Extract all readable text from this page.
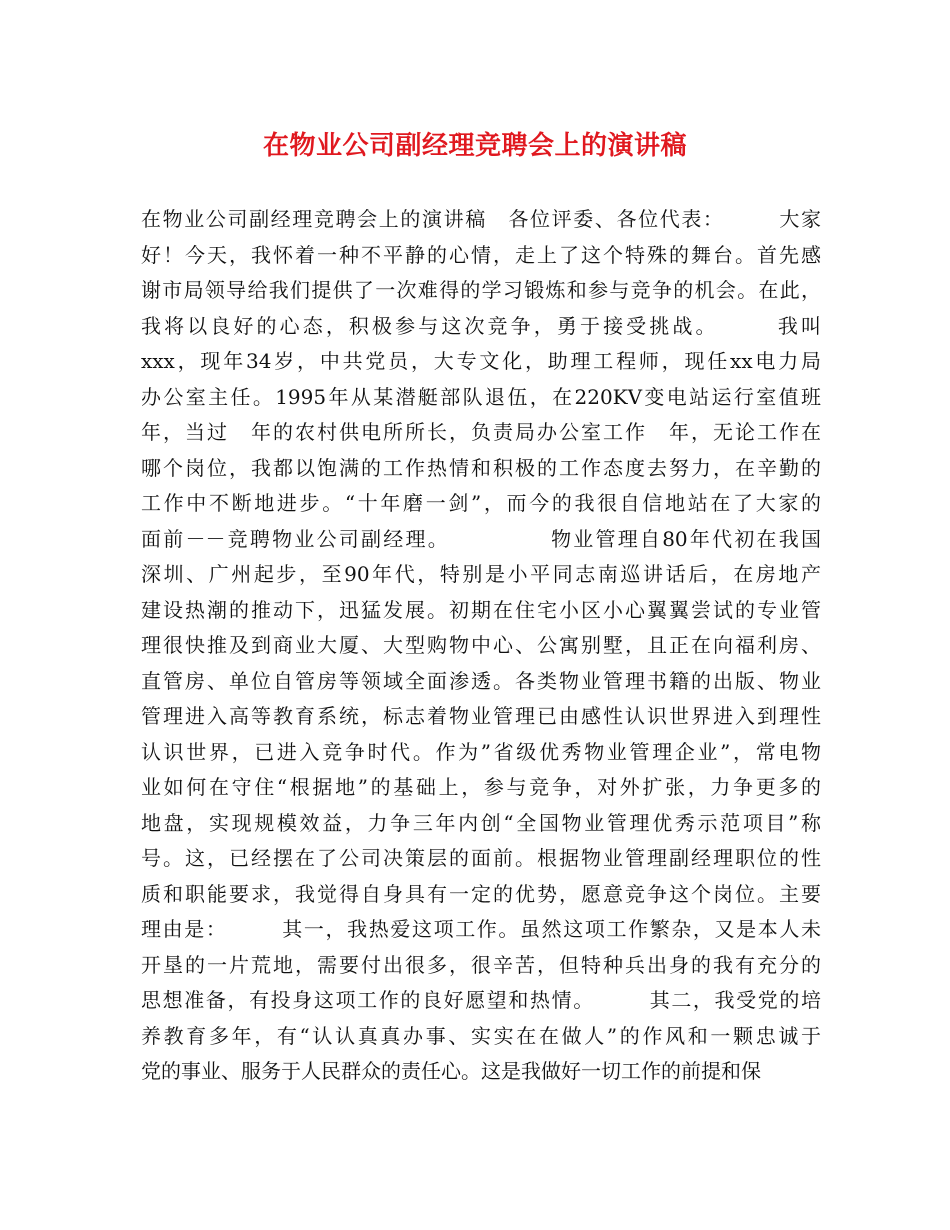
在物业公司副经理竞聘会上的演讲稿
在物业公司副经理竞聘会上的演讲稿　各位评委、各位代表：　　　大家
好！今天，我怀着一种不平静的心情，走上了这个特殊的舞台。首先感
谢市局领导给我们提供了一次难得的学习锻炼和参与竞争的机会。在此，
我将以良好的心态，积极参与这次竞争，勇于接受挑战。　　　我叫
xxx，现年34岁，中共党员，大专文化，助理工程师，现任xx电力局
办公室主任。1995年从某潜艇部队退伍，在220KV变电站运行室值班
年，当过　年的农村供电所所长，负责局办公室工作　年，无论工作在
哪个岗位，我都以饱满的工作热情和积极的工作态度去努力，在辛勤的
工作中不断地进步。“十年磨一剑”，而今的我很自信地站在了大家的
面前－－竞聘物业公司副经理。　　　　　物业管理自80年代初在我国
深圳、广州起步，至90年代，特别是小平同志南巡讲话后，在房地产
建设热潮的推动下，迅猛发展。初期在住宅小区小心翼翼尝试的专业管
理很快推及到商业大厦、大型购物中心、公寓别墅，且正在向福利房、
直管房、单位自管房等领域全面渗透。各类物业管理书籍的出版、物业
管理进入高等教育系统，标志着物业管理已由感性认识世界进入到理性
认识世界，已进入竞争时代。作为”省级优秀物业管理企业”，常电物
业如何在守住“根据地”的基础上，参与竞争，对外扩张，力争更多的
地盘，实现规模效益，力争三年内创“全国物业管理优秀示范项目”称
号。这，已经摆在了公司决策层的面前。根据物业管理副经理职位的性
质和职能要求，我觉得自身具有一定的优势，愿意竞争这个岗位。主要
理由是：　　　其一，我热爱这项工作。虽然这项工作繁杂，又是本人未
开垦的一片荒地，需要付出很多，很辛苦，但特种兵出身的我有充分的
思想准备，有投身这项工作的良好愿望和热情。　　　其二，我受党的培
养教育多年，有“认认真真办事、实实在在做人”的作风和一颗忠诚于
党的事业、服务于人民群众的责任心。这是我做好一切工作的前提和保
